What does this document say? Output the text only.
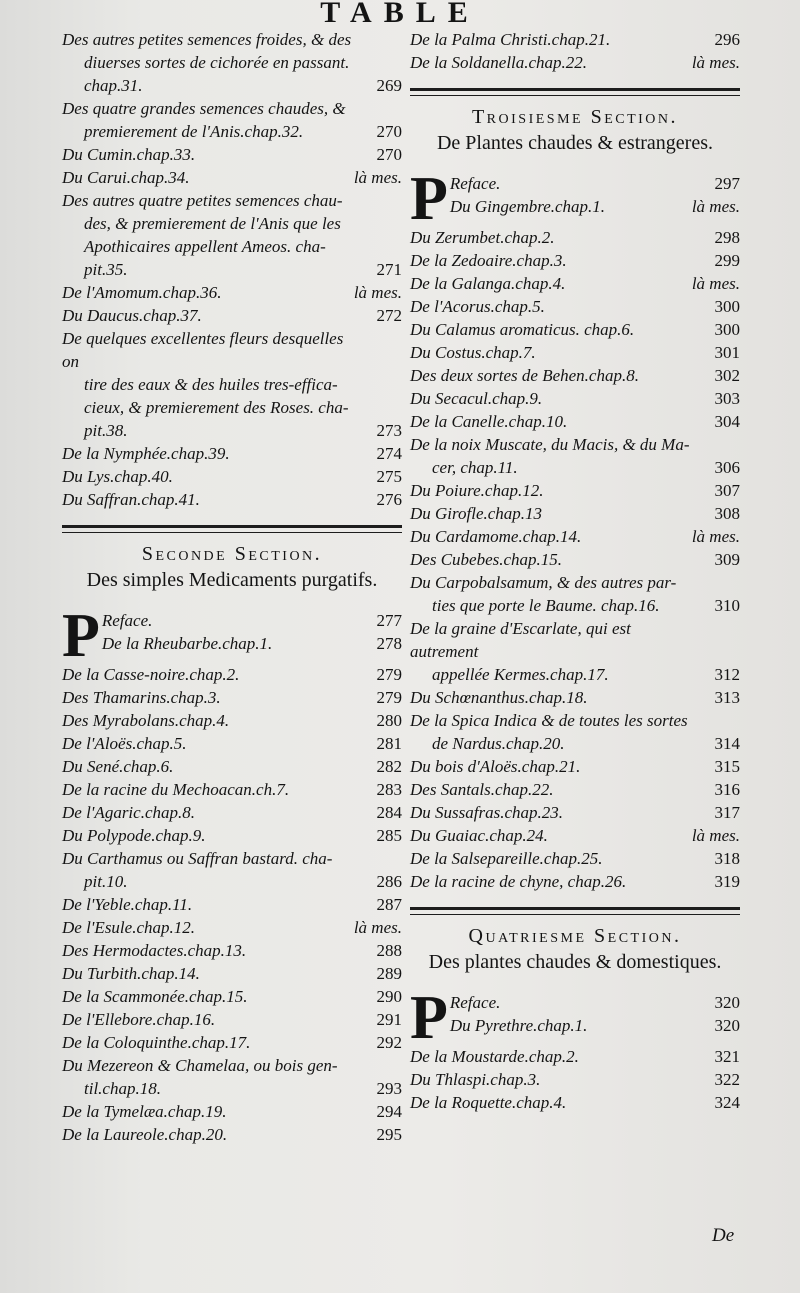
TABLE
Des autres petites semences froides, & des

diuerses sortes de cichorée en passant.
chap.31.	269
Des quatre grandes semences chaudes, &

premierement de l'Anis.chap.32.	270
Du Cumin.chap.33.	270
Du Carui.chap.34.	là mes.
Des autres quatre petites semences chau-

des, & premierement de l'Anis que les
Apothicaires appellent Ameos. cha-
pit.35.	271
De l'Amomum.chap.36.	là mes.
Du Daucus.chap.37.	272
De quelques excellentes fleurs desquelles on

tire des eaux & des huiles tres-effica-
cieux, & premierement des Roses. cha-
pit.38.	273
De la Nymphée.chap.39.	274
Du Lys.chap.40.	275
Du Saffran.chap.41.	276
Seconde Section.
Des simples Medicaments purgatifs.
P Reface.	277
De la Rheubarbe.chap.1.	278
De la Casse-noire.chap.2.	279
Des Thamarins.chap.3.	279
Des Myrabolans.chap.4.	280
De l'Aloës.chap.5.	281
Du Sené.chap.6.	282
De la racine du Mechoacan.ch.7.	283
De l'Agaric.chap.8.	284
Du Polypode.chap.9.	285
Du Carthamus ou Saffran bastard. cha-

pit.10.	286
De l'Yeble.chap.11.	287
De l'Esule.chap.12.	là mes.
Des Hermodactes.chap.13.	288
Du Turbith.chap.14.	289
De la Scammonée.chap.15.	290
De l'Ellebore.chap.16.	291
De la Coloquinthe.chap.17.	292
Du Mezereon & Chamelaa, ou bois gen-

til.chap.18.	293
De la Tymelæa.chap.19.	294
De la Laureole.chap.20.	295
De la Palma Christi.chap.21.	296
De la Soldanella.chap.22.	là mes.
Troisiesme Section.
De Plantes chaudes & estrangeres.
P Reface.	297
Du Gingembre.chap.1.	là mes.
Du Zerumbet.chap.2.	298
De la Zedoaire.chap.3.	299
De la Galanga.chap.4.	là mes.
De l'Acorus.chap.5.	300
Du Calamus aromaticus. chap.6.	300
Du Costus.chap.7.	301
Des deux sortes de Behen.chap.8.	302
Du Secacul.chap.9.	303
De la Canelle.chap.10.	304
De la noix Muscate, du Macis, & du Ma-

cer, chap.11.	306
Du Poiure.chap.12.	307
Du Girofle.chap.13	308
Du Cardamome.chap.14.	là mes.
Des Cubebes.chap.15.	309
Du Carpobalsamum, & des autres par-

ties que porte le Baume. chap.16.	310
De la graine d'Escarlate, qui est autrement

appellée Kermes.chap.17.	312
Du Schœnanthus.chap.18.	313
De la Spica Indica & de toutes les sortes

de Nardus.chap.20.	314
Du bois d'Aloës.chap.21.	315
Des Santals.chap.22.	316
Du Sussafras.chap.23.	317
Du Guaiac.chap.24.	là mes.
De la Salsepareille.chap.25.	318
De la racine de chyne, chap.26.	319
Quatriesme Section.
Des plantes chaudes & domestiques.
P Reface.	320
Du Pyrethre.chap.1.	320
De la Moustarde.chap.2.	321
Du Thlaspi.chap.3.	322
De la Roquette.chap.4.	324
De
